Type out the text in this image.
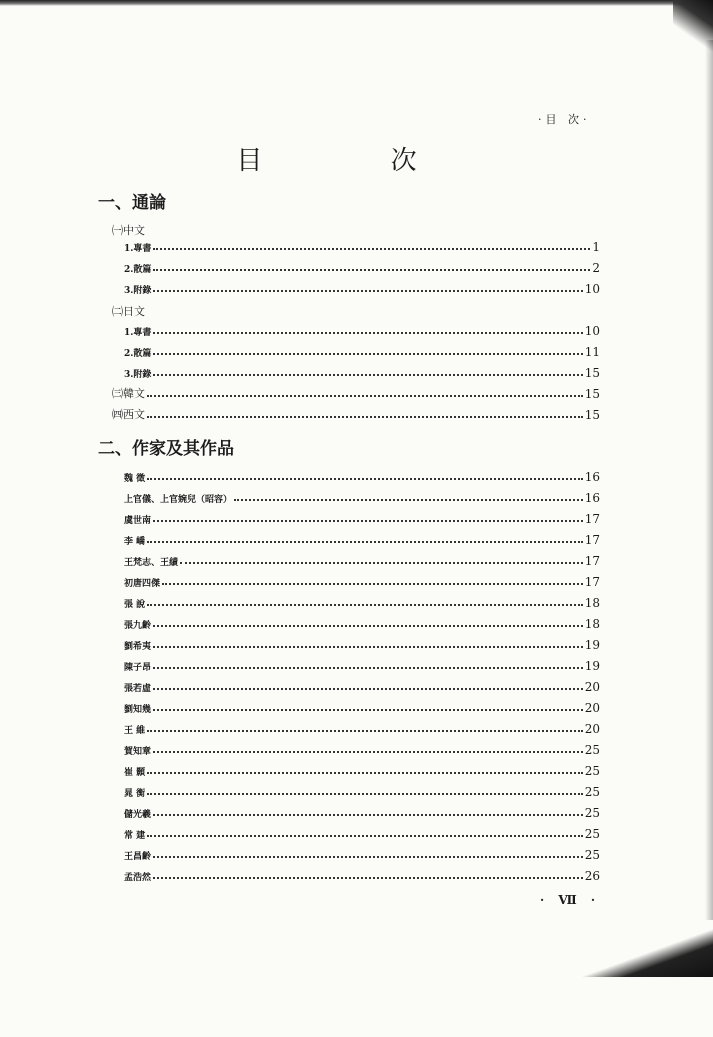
·目 次·
目 次
一、通論
㈠中文
1.專書	1
2.散篇	2
3.附錄	10
㈡日文
1.專書	10
2.散篇	11
3.附錄	15
㈢韓文	15
㈣西文	15
二、作家及其作品
魏 徵	16
上官儀、上官婉兒（昭容）	16
虞世南	17
李 嶠	17
王梵志、王績	17
初唐四傑	17
張 說	18
張九齡	18
劉希夷	19
陳子昂	19
張若虛	20
劉知幾	20
王 維	20
賀知章	25
崔 顥	25
晁 衡	25
儲光羲	25
常 建	25
王昌齡	25
孟浩然	26
· Ⅶ ·
